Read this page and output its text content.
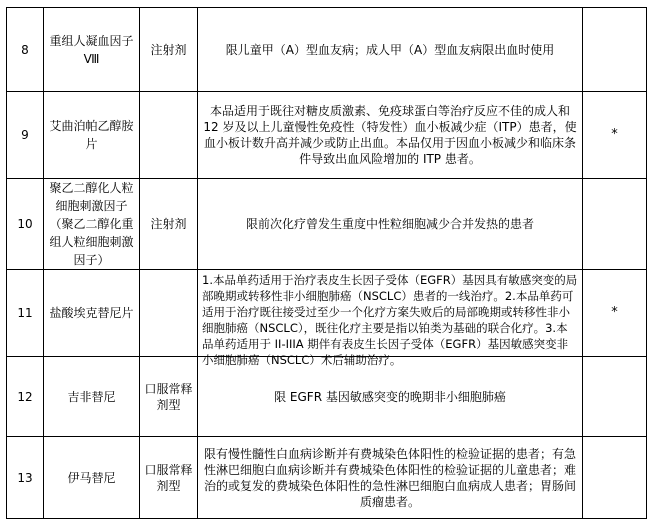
8	重组人凝血因子Ⅷ	注射剂	限儿童甲（A）型血友病；成人甲（A）型血友病限出血时使用	
9	艾曲泊帕乙醇胺片		本品适用于既往对糖皮质激素、免疫球蛋白等治疗反应不佳的成人和 12 岁及以上儿童慢性免疫性（特发性）血小板减少症（ITP）患者，使血小板计数升高并减少或防止出血。本品仅用于因血小板减少和临床条件导致出血风险增加的 ITP 患者。	*
10	聚乙二醇化人粒细胞刺激因子（聚乙二醇化重组人粒细胞刺激因子）	注射剂	限前次化疗曾发生重度中性粒细胞减少合并发热的患者	
11	盐酸埃克替尼片		1.本品单药适用于治疗表皮生长因子受体（EGFR）基因具有敏感突变的局部晚期或转移性非小细胞肺癌（NSCLC）患者的一线治疗。2.本品单药可适用于治疗既往接受过至少一个化疗方案失败后的局部晚期或转移性非小细胞肺癌（NSCLC），既往化疗主要是指以铂类为基础的联合化疗。3.本品单药适用于 II-IIIA 期伴有表皮生长因子受体（EGFR）基因敏感突变非小细胞肺癌（NSCLC）术后辅助治疗。	*
12	吉非替尼	口服常释剂型	限 EGFR 基因敏感突变的晚期非小细胞肺癌	
13	伊马替尼	口服常释剂型	限有慢性髓性白血病诊断并有费城染色体阳性的检验证据的患者；有急性淋巴细胞白血病诊断并有费城染色体阳性的检验证据的儿童患者；难治的或复发的费城染色体阳性的急性淋巴细胞白血病成人患者；胃肠间质瘤患者。	
